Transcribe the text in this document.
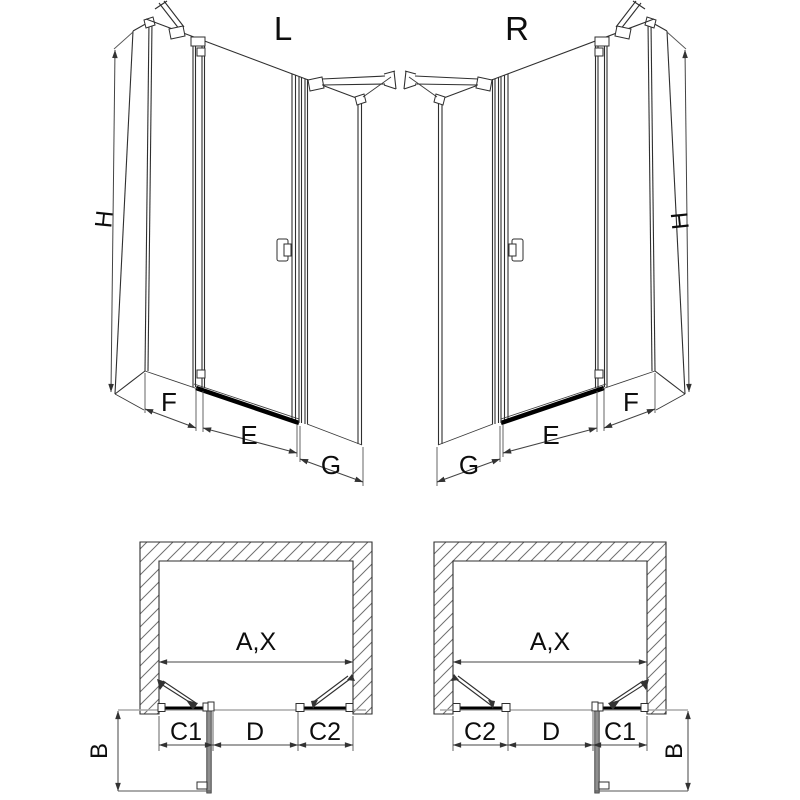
L
H
F
E
G
R
H
F
E
G
A,X
C1 D C2
B
A,X
C2 D C1
B
